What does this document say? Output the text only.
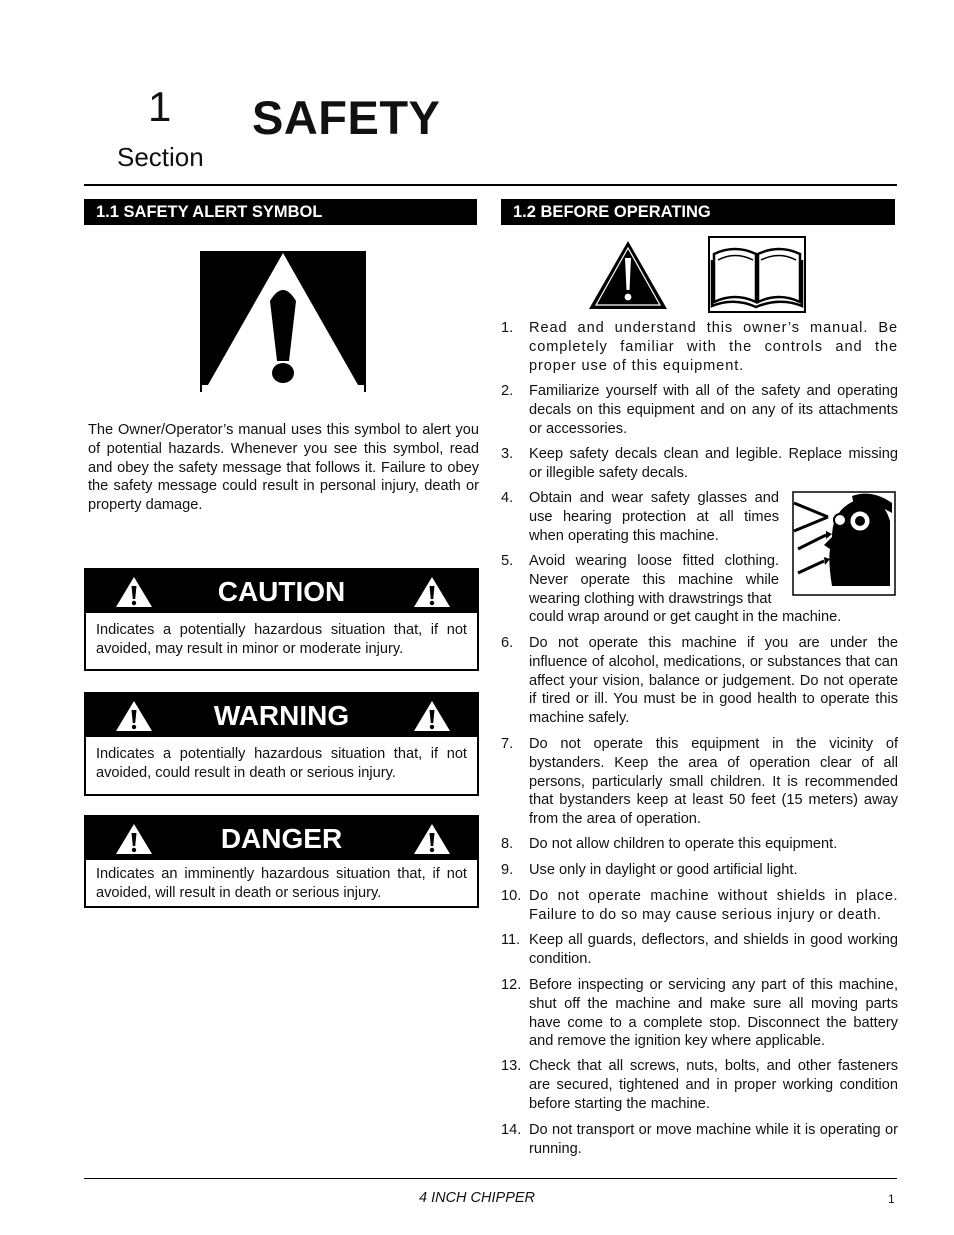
1
Section
SAFETY
1.1 SAFETY ALERT SYMBOL	1.2 BEFORE OPERATING
The Owner/Operator’s manual uses this symbol to alert you of potential hazards. Whenever you see this symbol, read and obey the safety message that follows it. Failure to obey the safety message could result in personal injury, death or property damage.
CAUTION
Indicates a potentially hazardous situation that, if not avoided, may result in minor or moderate injury.
WARNING
Indicates a potentially hazardous situation that, if not avoided, could result in death or serious injury.
DANGER
Indicates an imminently hazardous situation that, if not avoided, will result in death or serious injury.
1. Read and understand this owner’s manual. Be completely familiar with the controls and the proper use of this equipment.
2. Familiarize yourself with all of the safety and operating decals on this equipment and on any of its attachments or accessories.
3. Keep safety decals clean and legible. Replace missing or illegible safety decals.
4. Obtain and wear safety glasses and use hearing protection at all times when operating this machine.
5. Avoid wearing loose fitted clothing. Never operate this machine while wearing clothing with drawstrings that
could wrap around or get caught in the machine.
6. Do not operate this machine if you are under the influence of alcohol, medications, or substances that can affect your vision, balance or judgement. Do not operate if tired or ill. You must be in good health to operate this machine safely.
7. Do not operate this equipment in the vicinity of bystanders. Keep the area of operation clear of all persons, particularly small children. It is recommended that bystanders keep at least 50 feet (15 meters) away from the area of operation.
8. Do not allow children to operate this equipment.
9. Use only in daylight or good artificial light.
10. Do not operate machine without shields in place. Failure to do so may cause serious injury or death.
11. Keep all guards, deflectors, and shields in good working condition.
12. Before inspecting or servicing any part of this machine, shut off the machine and make sure all moving parts have come to a complete stop. Disconnect the battery and remove the ignition key where applicable.
13. Check that all screws, nuts, bolts, and other fasteners are secured, tightened and in proper working condition before starting the machine.
14. Do not transport or move machine while it is operating or running.
4 INCH CHIPPER	1
